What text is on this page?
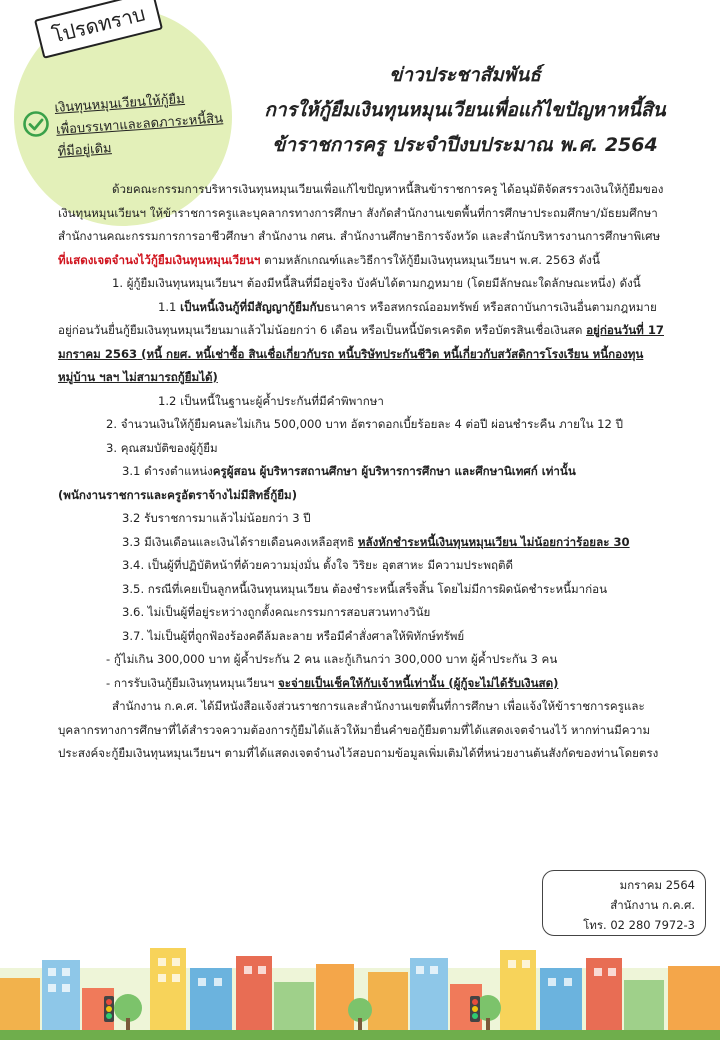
โปรดทราบ
เงินทุนหมุนเวียนให้กู้ยืม
เพื่อบรรเทาและลดภาระหนี้สิน
ที่มีอยู่เดิม
ข่าวประชาสัมพันธ์
การให้กู้ยืมเงินทุนหมุนเวียนเพื่อแก้ไขปัญหาหนี้สิน
ข้าราชการครู ประจำปีงบประมาณ พ.ศ. 2564

ด้วยคณะกรรมการบริหารเงินทุนหมุนเวียนเพื่อแก้ไขปัญหาหนี้สินข้าราชการครู ได้อนุมัติจัดสรรวงเงินให้กู้ยืมของเงินทุนหมุนเวียนฯ ให้ข้าราชการครูและบุคลากรทางการศึกษา สังกัดสำนักงานเขตพื้นที่การศึกษาประถมศึกษา/มัธยมศึกษา สำนักงานคณะกรรมการการอาชีวศึกษา สำนักงาน กศน. สำนักงานศึกษาธิการจังหวัด และสำนักบริหารงานการศึกษาพิเศษ ที่แสดงเจตจำนงไว้กู้ยืมเงินทุนหมุนเวียนฯ ตามหลักเกณฑ์และวิธีการให้กู้ยืมเงินทุนหมุนเวียนฯ พ.ศ. 2563 ดังนี้

1. ผู้กู้ยืมเงินทุนหมุนเวียนฯ ต้องมีหนี้สินที่มีอยู่จริง บังคับได้ตามกฎหมาย (โดยมีลักษณะใดลักษณะหนึ่ง) ดังนี้

1.1 เป็นหนี้เงินกู้ที่มีสัญญากู้ยืมกับธนาคาร หรือสหกรณ์ออมทรัพย์ หรือสถาบันการเงินอื่นตามกฎหมาย อยู่ก่อนวันยื่นกู้ยืมเงินทุนหมุนเวียนมาแล้วไม่น้อยกว่า 6 เดือน หรือเป็นหนี้บัตรเครดิต หรือบัตรสินเชื่อเงินสด อยู่ก่อนวันที่ 17 มกราคม 2563 (หนี้ กยศ. หนี้เช่าซื้อ สินเชื่อเกี่ยวกับรถ หนี้บริษัทประกันชีวิต หนี้เกี่ยวกับสวัสดิการโรงเรียน หนี้กองทุนหมู่บ้าน ฯลฯ ไม่สามารถกู้ยืมได้)

1.2 เป็นหนี้ในฐานะผู้ค้ำประกันที่มีคำพิพากษา

2. จำนวนเงินให้กู้ยืมคนละไม่เกิน 500,000 บาท อัตราดอกเบี้ยร้อยละ 4 ต่อปี ผ่อนชำระคืน ภายใน 12 ปี

3. คุณสมบัติของผู้กู้ยืม

3.1 ดำรงตำแหน่งครูผู้สอน ผู้บริหารสถานศึกษา ผู้บริหารการศึกษา และศึกษานิเทศก์ เท่านั้น

(พนักงานราชการและครูอัตราจ้างไม่มีสิทธิ์กู้ยืม)

3.2 รับราชการมาแล้วไม่น้อยกว่า 3 ปี

3.3 มีเงินเดือนและเงินได้รายเดือนคงเหลือสุทธิ หลังหักชำระหนี้เงินทุนหมุนเวียน ไม่น้อยกว่าร้อยละ 30

3.4. เป็นผู้ที่ปฏิบัติหน้าที่ด้วยความมุ่งมั่น ตั้งใจ วิริยะ อุตสาหะ มีความประพฤติดี

3.5. กรณีที่เคยเป็นลูกหนี้เงินทุนหมุนเวียน ต้องชำระหนี้เสร็จสิ้น โดยไม่มีการผิดนัดชำระหนี้มาก่อน

3.6. ไม่เป็นผู้ที่อยู่ระหว่างถูกตั้งคณะกรรมการสอบสวนทางวินัย

3.7. ไม่เป็นผู้ที่ถูกฟ้องร้องคดีล้มละลาย หรือมีคำสั่งศาลให้พิทักษ์ทรัพย์

- กู้ไม่เกิน 300,000 บาท ผู้ค้ำประกัน 2 คน และกู้เกินกว่า 300,000 บาท ผู้ค้ำประกัน 3 คน

- การรับเงินกู้ยืมเงินทุนหมุนเวียนฯ จะจ่ายเป็นเช็คให้กับเจ้าหนี้เท่านั้น (ผู้กู้จะไม่ได้รับเงินสด)

สำนักงาน ก.ค.ศ. ได้มีหนังสือแจ้งส่วนราชการและสำนักงานเขตพื้นที่การศึกษา เพื่อแจ้งให้ข้าราชการครูและบุคลากรทางการศึกษาที่ได้สำรวจความต้องการกู้ยืมได้แล้วให้มายื่นคำขอกู้ยืมตามที่ได้แสดงเจตจำนงไว้ หากท่านมีความประสงค์จะกู้ยืมเงินทุนหมุนเวียนฯ ตามที่ได้แสดงเจตจำนงไว้สอบถามข้อมูลเพิ่มเติมได้ที่หน่วยงานต้นสังกัดของท่านโดยตรง

มกราคม 2564
สำนักงาน ก.ค.ศ.
โทร. 02 280 7972-3
